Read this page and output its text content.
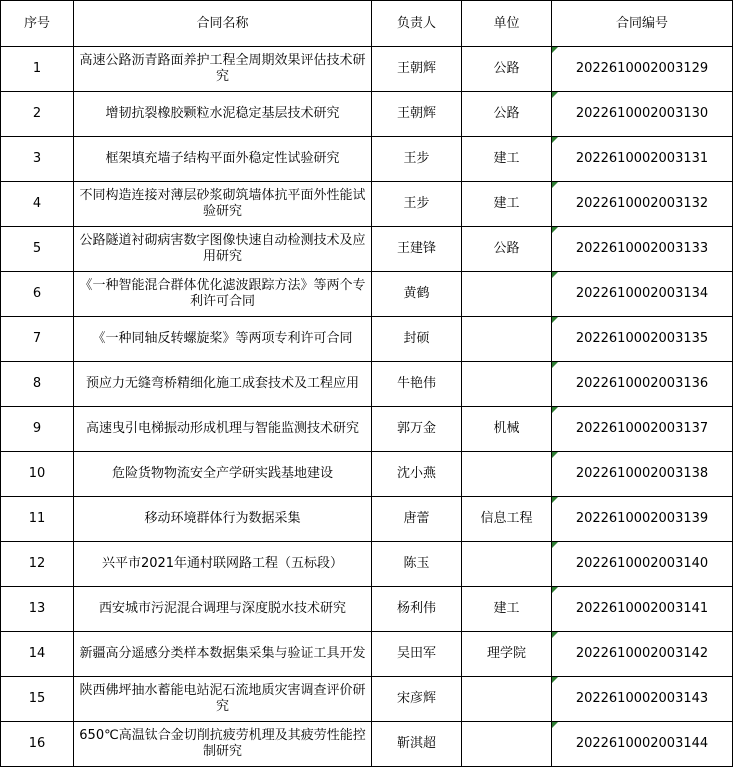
序号	合同名称	负责人	单位	合同编号
1	高速公路沥青路面养护工程全周期效果评估技术研究	王朝辉	公路	2022610002003129
2	增韧抗裂橡胶颗粒水泥稳定基层技术研究	王朝辉	公路	2022610002003130
3	框架填充墙子结构平面外稳定性试验研究	王步	建工	2022610002003131
4	不同构造连接对薄层砂浆砌筑墙体抗平面外性能试验研究	王步	建工	2022610002003132
5	公路隧道衬砌病害数字图像快速自动检测技术及应用研究	王建锋	公路	2022610002003133
6	《一种智能混合群体优化滤波跟踪方法》等两个专利许可合同	黄鹤		2022610002003134
7	《一种同轴反转螺旋桨》等两项专利许可合同	封硕		2022610002003135
8	预应力无缝弯桥精细化施工成套技术及工程应用	牛艳伟		2022610002003136
9	高速曳引电梯振动形成机理与智能监测技术研究	郭万金	机械	2022610002003137
10	危险货物物流安全产学研实践基地建设	沈小燕		2022610002003138
11	移动环境群体行为数据采集	唐蕾	信息工程	2022610002003139
12	兴平市2021年通村联网路工程（五标段）	陈玉		2022610002003140
13	西安城市污泥混合调理与深度脱水技术研究	杨利伟	建工	2022610002003141
14	新疆高分遥感分类样本数据集采集与验证工具开发	吴田军	理学院	2022610002003142
15	陕西佛坪抽水蓄能电站泥石流地质灾害调查评价研究	宋彦辉		2022610002003143
16	650℃高温钛合金切削抗疲劳机理及其疲劳性能控制研究	靳淇超		2022610002003144
